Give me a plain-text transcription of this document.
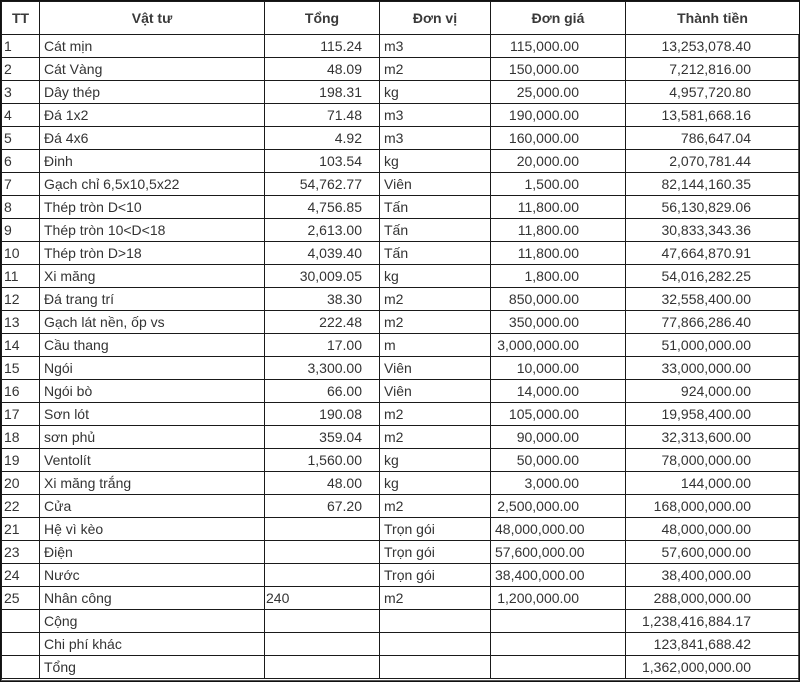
TT	Vật tư	Tổng	Đơn vị	Đơn giá	Thành tiền
1	Cát mịn	115.24	m3	115,000.00	13,253,078.40
2	Cát Vàng	48.09	m2	150,000.00	7,212,816.00
3	Dây thép	198.31	kg	25,000.00	4,957,720.80
4	Đá 1x2	71.48	m3	190,000.00	13,581,668.16
5	Đá 4x6	4.92	m3	160,000.00	786,647.04
6	Đinh	103.54	kg	20,000.00	2,070,781.44
7	Gạch chỉ 6,5x10,5x22	54,762.77	Viên	1,500.00	82,144,160.35
8	Thép tròn D<10	4,756.85	Tấn	11,800.00	56,130,829.06
9	Thép tròn 10<D<18	2,613.00	Tấn	11,800.00	30,833,343.36
10	Thép tròn D>18	4,039.40	Tấn	11,800.00	47,664,870.91
11	Xi măng	30,009.05	kg	1,800.00	54,016,282.25
12	Đá trang trí	38.30	m2	850,000.00	32,558,400.00
13	Gạch lát nền, ốp vs	222.48	m2	350,000.00	77,866,286.40
14	Cầu thang	17.00	m	3,000,000.00	51,000,000.00
15	Ngói	3,300.00	Viên	10,000.00	33,000,000.00
16	Ngói bò	66.00	Viên	14,000.00	924,000.00
17	Sơn lót	190.08	m2	105,000.00	19,958,400.00
18	sơn phủ	359.04	m2	90,000.00	32,313,600.00
19	Ventolít	1,560.00	kg	50,000.00	78,000,000.00
20	Xi măng trắng	48.00	kg	3,000.00	144,000.00
22	Cửa	67.20	m2	2,500,000.00	168,000,000.00
21	Hệ vì kèo		Trọn gói	48,000,000.00	48,000,000.00
23	Điện		Trọn gói	57,600,000.00	57,600,000.00
24	Nước		Trọn gói	38,400,000.00	38,400,000.00
25	Nhân công	240	m2	1,200,000.00	288,000,000.00
	Cộng				1,238,416,884.17
	Chi phí khác				123,841,688.42
	Tổng				1,362,000,000.00
